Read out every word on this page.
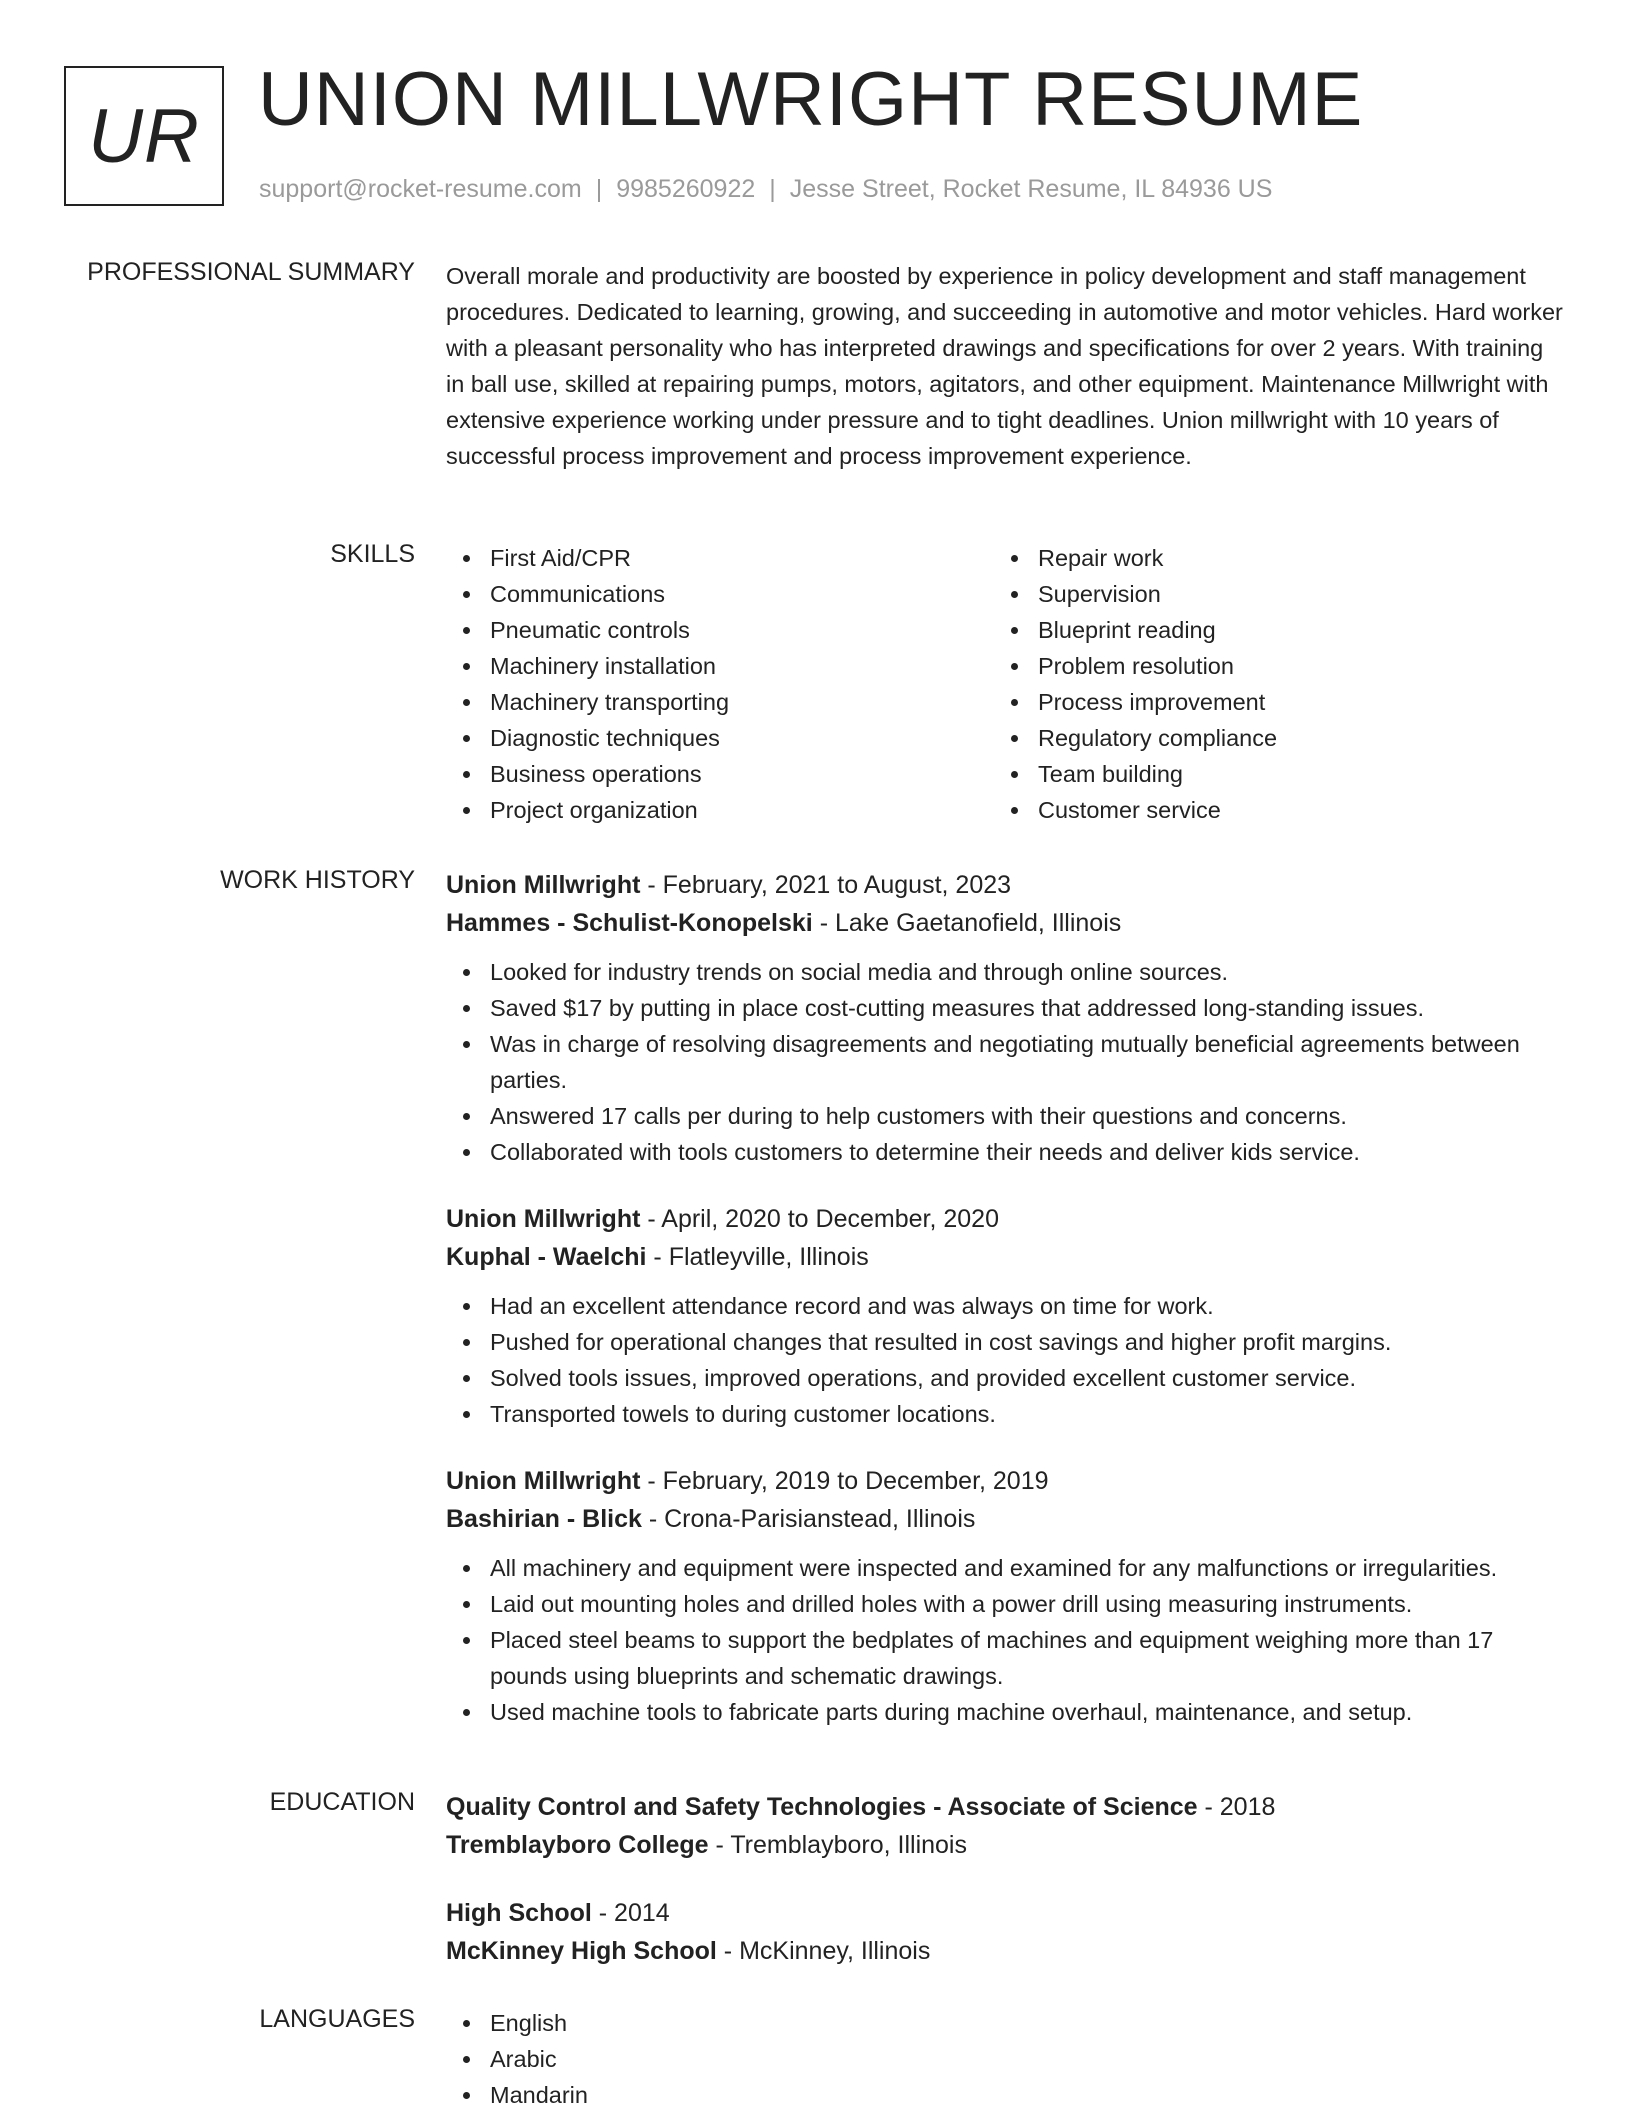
UR UNION MILLWRIGHT RESUME
support@rocket-resume.com | 9985260922 | Jesse Street, Rocket Resume, IL 84936 US
PROFESSIONAL SUMMARY Overall morale and productivity are boosted by experience in policy development and staff management procedures. Dedicated to learning, growing, and succeeding in automotive and motor vehicles. Hard worker with a pleasant personality who has interpreted drawings and specifications for over 2 years. With training in ball use, skilled at repairing pumps, motors, agitators, and other equipment. Maintenance Millwright with extensive experience working under pressure and to tight deadlines. Union millwright with 10 years of successful process improvement and process improvement experience.

SKILLS	First Aid/CPR
Communications
Pneumatic controls
Machinery installation
Machinery transporting
Diagnostic techniques
Business operations
Project organization
Repair work
Supervision
Blueprint reading
Problem resolution
Process improvement
Regulatory compliance
Team building
Customer service
WORK HISTORY Union Millwright - February, 2021 to August, 2023
Hammes - Schulist-Konopelski - Lake Gaetanofield, Illinois
Looked for industry trends on social media and through online sources.
Saved $17 by putting in place cost-cutting measures that addressed long-standing issues.
Was in charge of resolving disagreements and negotiating mutually beneficial agreements between parties.
Answered 17 calls per during to help customers with their questions and concerns.
Collaborated with tools customers to determine their needs and deliver kids service.
Union Millwright - April, 2020 to December, 2020
Kuphal - Waelchi - Flatleyville, Illinois
Had an excellent attendance record and was always on time for work.
Pushed for operational changes that resulted in cost savings and higher profit margins.
Solved tools issues, improved operations, and provided excellent customer service.
Transported towels to during customer locations.
Union Millwright - February, 2019 to December, 2019
Bashirian - Blick - Crona-Parisianstead, Illinois
All machinery and equipment were inspected and examined for any malfunctions or irregularities.
Laid out mounting holes and drilled holes with a power drill using measuring instruments.
Placed steel beams to support the bedplates of machines and equipment weighing more than 17 pounds using blueprints and schematic drawings.
Used machine tools to fabricate parts during machine overhaul, maintenance, and setup.
EDUCATION Quality Control and Safety Technologies - Associate of Science - 2018
Tremblayboro College - Tremblayboro, Illinois
High School - 2014
McKinney High School - McKinney, Illinois
LANGUAGES	English
Arabic
Mandarin
